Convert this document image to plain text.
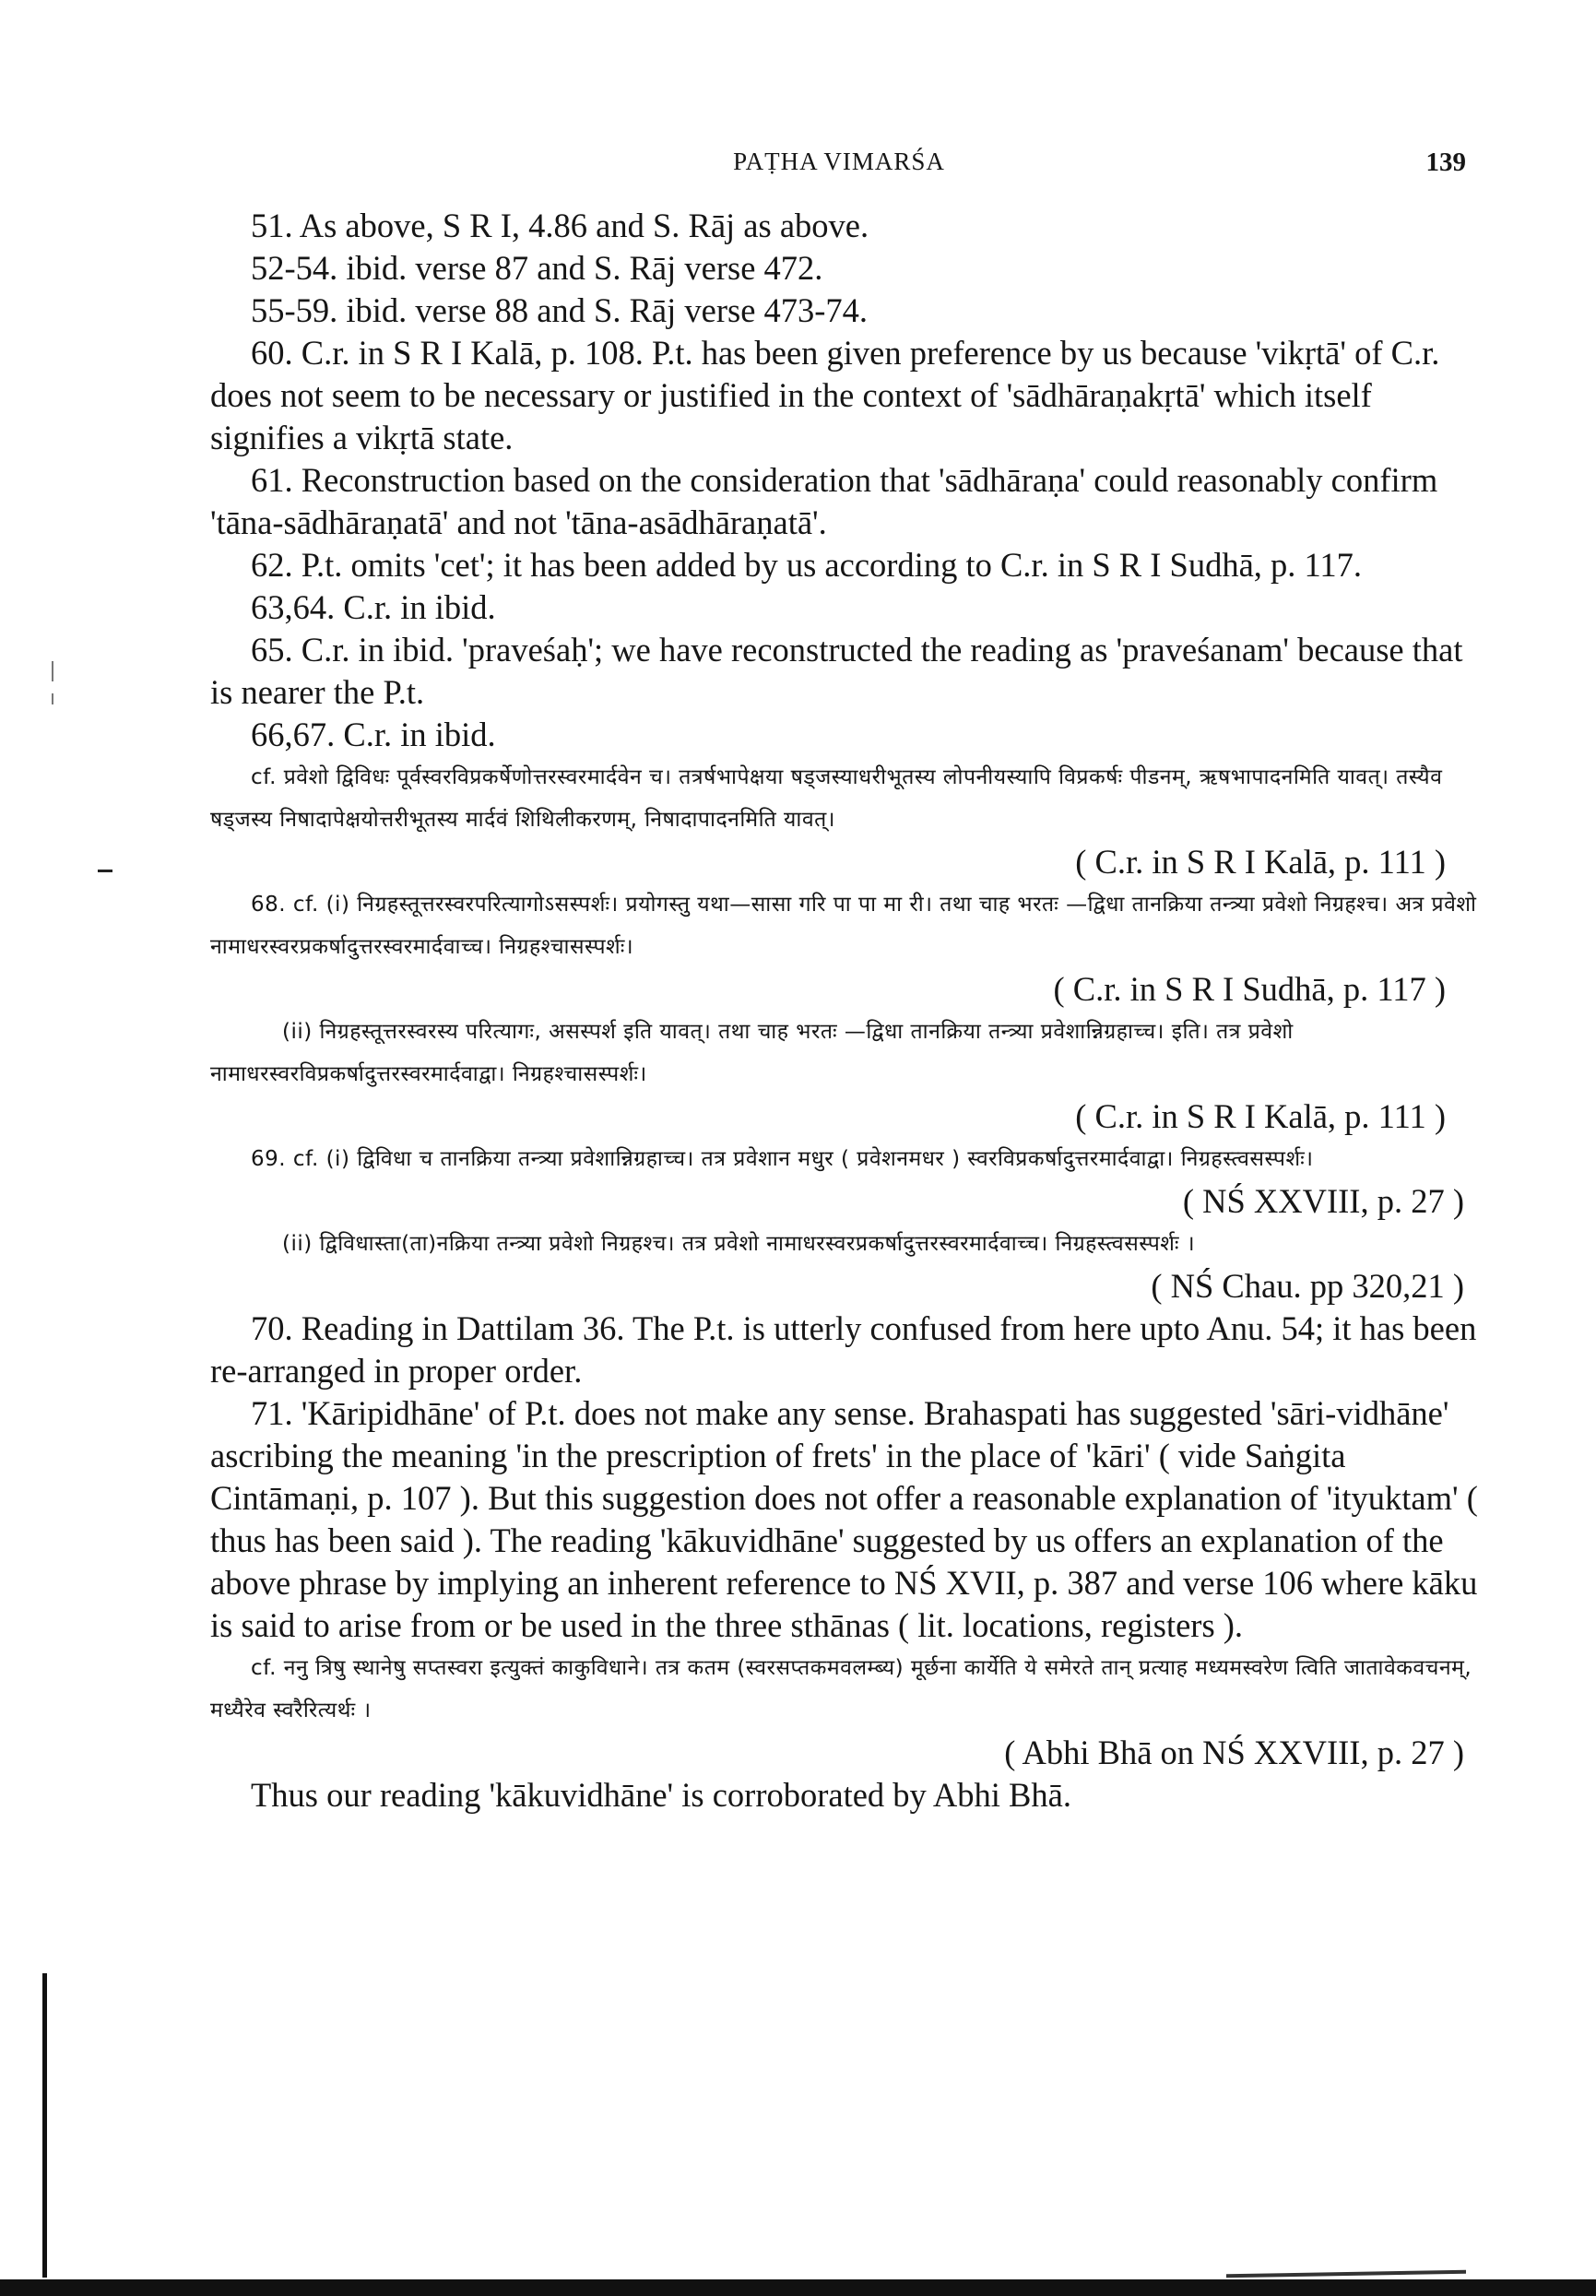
PAṬHA VIMARŚA	139

51. As above, S R I, 4.86 and S. Rāj as above.

52-54. ibid. verse 87 and S. Rāj verse 472.

55-59. ibid. verse 88 and S. Rāj verse 473-74.

60. C.r. in S R I Kalā, p. 108. P.t. has been given preference by us because 'vikṛtā' of C.r. does not seem to be necessary or justified in the context of 'sādhāraṇakṛtā' which itself signifies a vikṛtā state.

61. Reconstruction based on the consideration that 'sādhāraṇa' could reasonably confirm 'tāna-sādhāraṇatā' and not 'tāna-asādhāraṇatā'.

62. P.t. omits 'cet'; it has been added by us according to C.r. in S R I Sudhā, p. 117.

63,64. C.r. in ibid.

65. C.r. in ibid. 'praveśaḥ'; we have reconstructed the reading as 'praveśanam' because that is nearer the P.t.

66,67. C.r. in ibid.

cf. प्रवेशो द्विविधः पूर्वस्वरविप्रकर्षेणोत्तरस्वरमार्दवेन च। तत्रर्षभापेक्षया षड्जस्याधरीभूतस्य लोपनीयस्यापि विप्रकर्षः पीडनम्, ऋषभापादनमिति यावत्। तस्यैव षड्जस्य निषादापेक्षयोत्तरीभूतस्य मार्दवं शिथिलीकरणम्, निषादापादनमिति यावत्।

( C.r. in S R I Kalā, p. 111 )

68. cf. (i) निग्रहस्तूत्तरस्वरपरित्यागोऽसस्पर्शः। प्रयोगस्तु यथा—सासा गरि पा पा मा री। तथा चाह भरतः —द्विधा तानक्रिया तन्त्र्या प्रवेशो निग्रहश्च। अत्र प्रवेशो नामाधरस्वरप्रकर्षादुत्तरस्वरमार्दवाच्च। निग्रहश्चासस्पर्शः।

( C.r. in S R I Sudhā, p. 117 )

(ii) निग्रहस्तूत्तरस्वरस्य परित्यागः, असस्पर्श इति यावत्। तथा चाह भरतः —द्विधा तानक्रिया तन्त्र्या प्रवेशान्निग्रहाच्च। इति। तत्र प्रवेशो नामाधरस्वरविप्रकर्षादुत्तरस्वरमार्दवाद्वा। निग्रहश्चासस्पर्शः।

( C.r. in S R I Kalā, p. 111 )

69. cf. (i) द्विविधा च तानक्रिया तन्त्र्या प्रवेशान्निग्रहाच्च। तत्र प्रवेशान मधुर ( प्रवेशनमधर ) स्वरविप्रकर्षादुत्तरमार्दवाद्वा। निग्रहस्त्वसस्पर्शः।

( NŚ XXVIII, p. 27 )

(ii) द्विविधास्ता(ता)नक्रिया तन्त्र्या प्रवेशो निग्रहश्च। तत्र प्रवेशो नामाधरस्वरप्रकर्षादुत्तरस्वरमार्दवाच्च। निग्रहस्त्वसस्पर्शः ।

( NŚ Chau. pp 320,21 )

70. Reading in Dattilam 36. The P.t. is utterly confused from here upto Anu. 54; it has been re-arranged in proper order.

71. 'Kāripidhāne' of P.t. does not make any sense. Brahaspati has suggested 'sāri-vidhāne' ascribing the meaning 'in the prescription of frets' in the place of 'kāri' ( vide Saṅgita Cintāmaṇi, p. 107 ). But this suggestion does not offer a reasonable explanation of 'ityuktam' ( thus has been said ). The reading 'kākuvidhāne' suggested by us offers an explanation of the above phrase by implying an inherent reference to NŚ XVII, p. 387 and verse 106 where kāku is said to arise from or be used in the three sthānas ( lit. locations, registers ).

cf. ननु त्रिषु स्थानेषु सप्तस्वरा इत्युक्तं काकुविधाने। तत्र कतम (स्वरसप्तकमवलम्ब्य) मूर्छना कार्येति ये समेरते तान् प्रत्याह मध्यमस्वरेण त्विति जातावेकवचनम्, मध्यैरेव स्वरैरित्यर्थः ।

( Abhi Bhā on NŚ XXVIII, p. 27 )

Thus our reading 'kākuvidhāne' is corroborated by Abhi Bhā.
